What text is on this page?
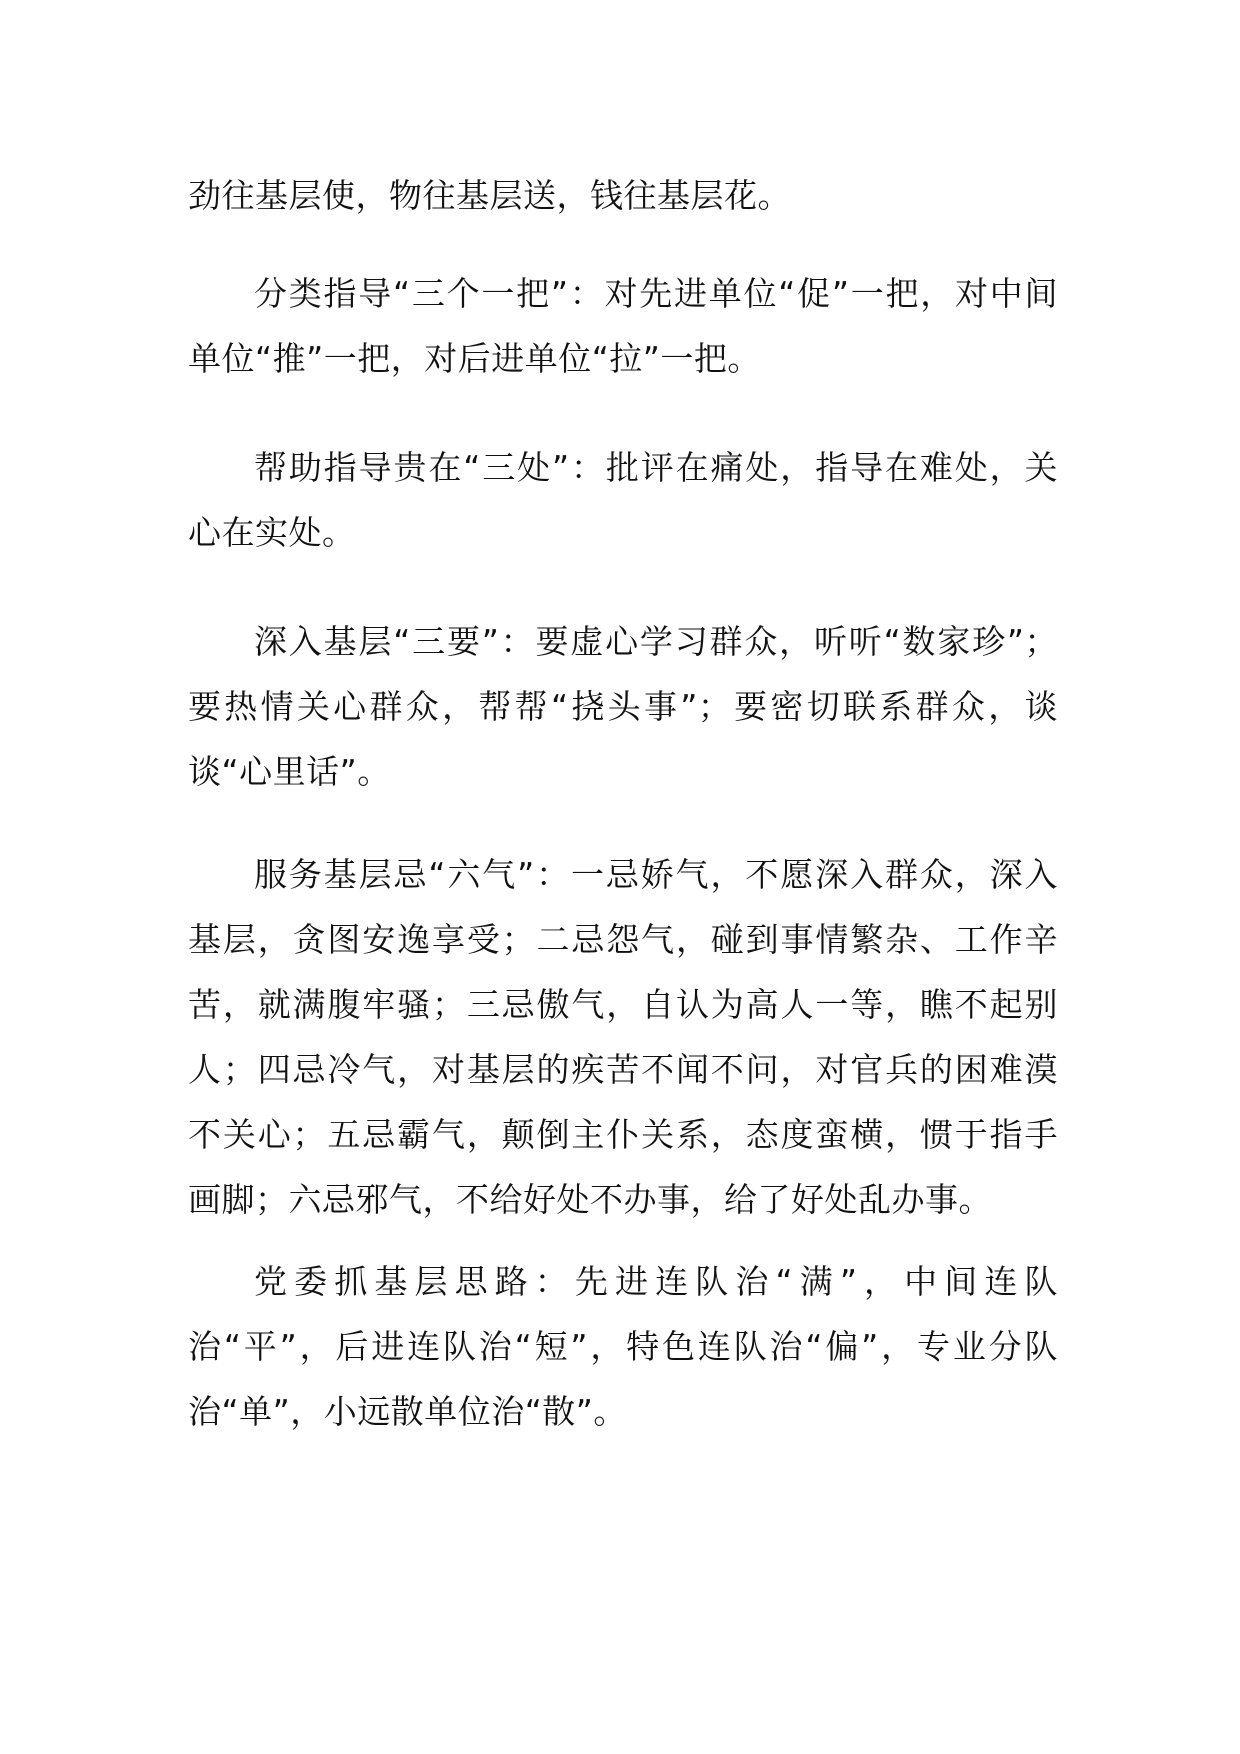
劲往基层使，物往基层送，钱往基层花。

分类指导“三个一把”：对先进单位“促”一把，对中间单位“推”一把，对后进单位“拉”一把。

帮助指导贵在“三处”：批评在痛处，指导在难处，关心在实处。

深入基层“三要”：要虚心学习群众，听听“数家珍”；要热情关心群众，帮帮“挠头事”；要密切联系群众，谈谈“心里话”。

服务基层忌“六气”：一忌娇气，不愿深入群众，深入基层，贪图安逸享受；二忌怨气，碰到事情繁杂、工作辛苦，就满腹牢骚；三忌傲气，自认为高人一等，瞧不起别人；四忌冷气，对基层的疾苦不闻不问，对官兵的困难漠不关心；五忌霸气，颠倒主仆关系，态度蛮横，惯于指手画脚；六忌邪气，不给好处不办事，给了好处乱办事。

党委抓基层思路：先进连队治“满”，中间连队治“平”，后进连队治“短”，特色连队治“偏”，专业分队治“单”，小远散单位治“散”。
